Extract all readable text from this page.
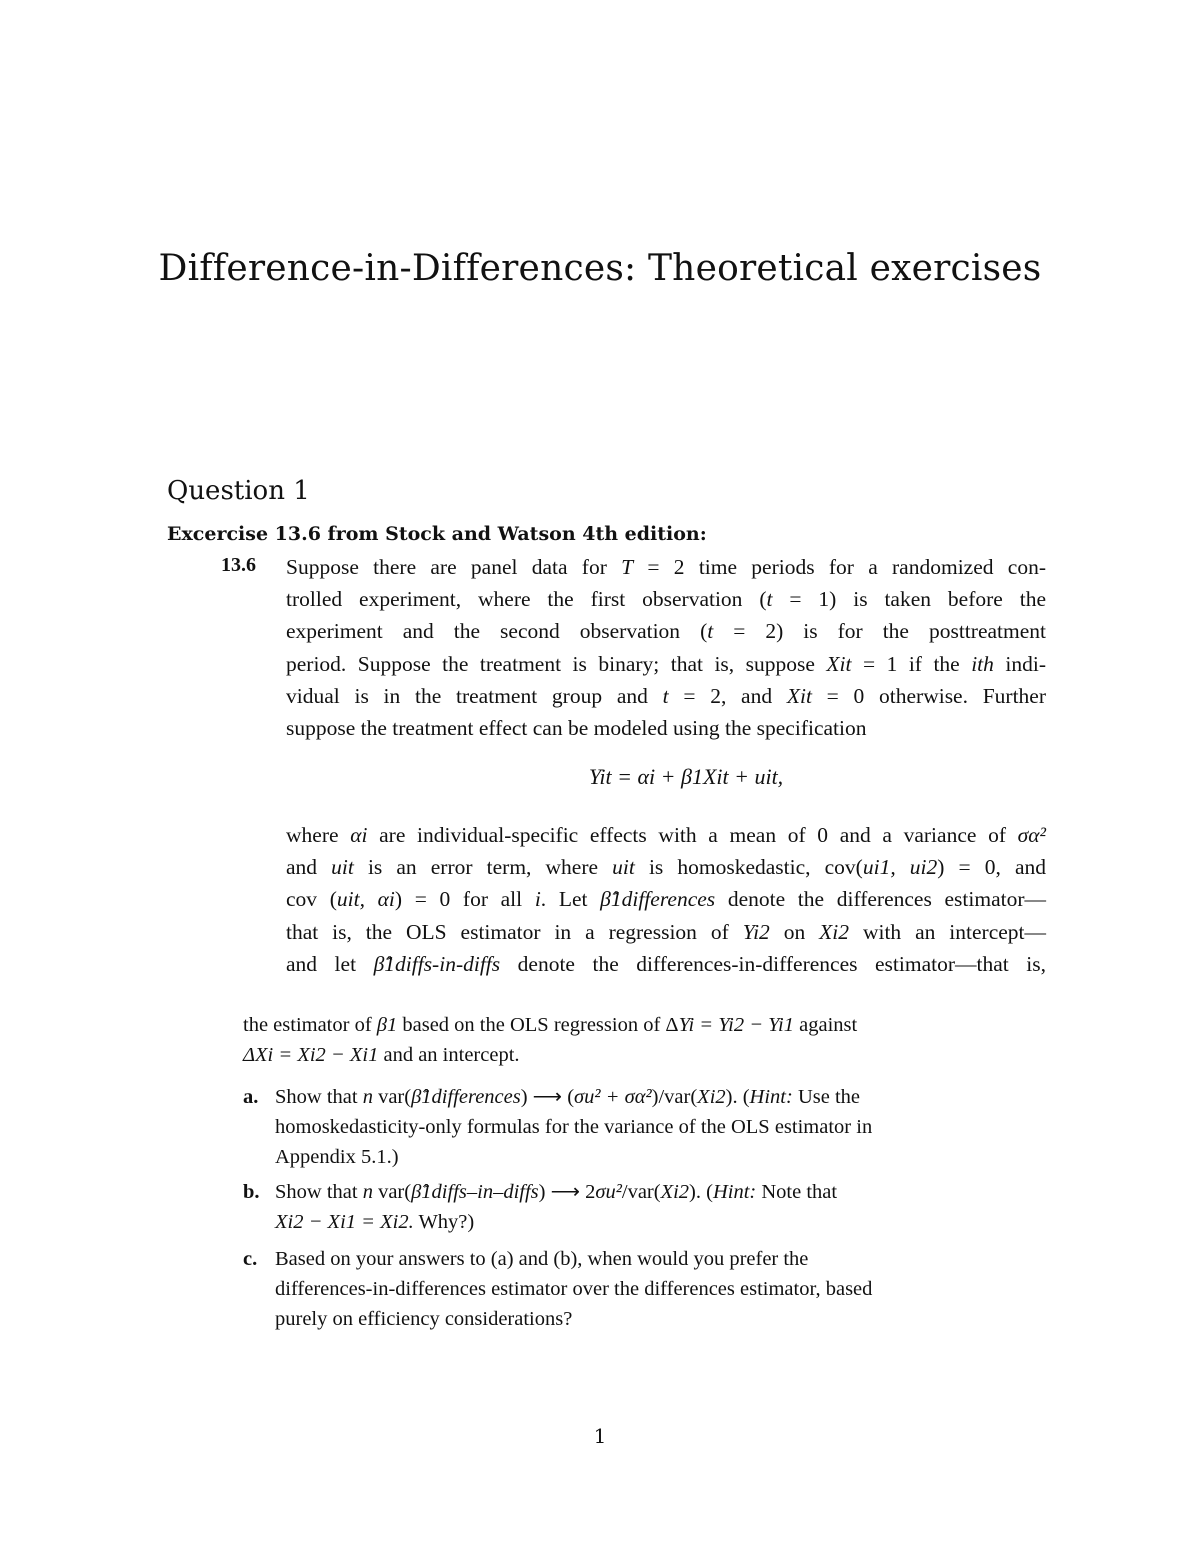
Difference-in-Differences: Theoretical exercises
Question 1
Excercise 13.6 from Stock and Watson 4th edition:
13.6 Suppose there are panel data for T = 2 time periods for a randomized con-
trolled experiment, where the first observation (t = 1) is taken before the
experiment and the second observation (t = 2) is for the posttreatment
period. Suppose the treatment is binary; that is, suppose Xit = 1 if the ith indi-
vidual is in the treatment group and t = 2, and Xit = 0 otherwise. Further
suppose the treatment effect can be modeled using the specification
Yit = αi + β1Xit + uit,
where αi are individual-specific effects with a mean of 0 and a variance of σα²
and uit is an error term, where uit is homoskedastic, cov(ui1, ui2) = 0, and
cov (uit, αi) = 0 for all i. Let β̂1differences denote the differences estimator—
that is, the OLS estimator in a regression of Yi2 on Xi2 with an intercept—
and let β̂1diffs-in-diffs denote the differences-in-differences estimator—that is,
the estimator of β1 based on the OLS regression of ΔYi = Yi2 − Yi1 against
ΔXi = Xi2 − Xi1 and an intercept.
a. Show that n var(β̂1differences) ⟶ (σu² + σα²)/var(Xi2). (Hint: Use the
homoskedasticity-only formulas for the variance of the OLS estimator in
Appendix 5.1.)
b. Show that n var(β̂1diffs–in–diffs) ⟶ 2σu²/var(Xi2). (Hint: Note that
Xi2 − Xi1 = Xi2. Why?)
c. Based on your answers to (a) and (b), when would you prefer the
differences-in-differences estimator over the differences estimator, based
purely on efficiency considerations?
1
